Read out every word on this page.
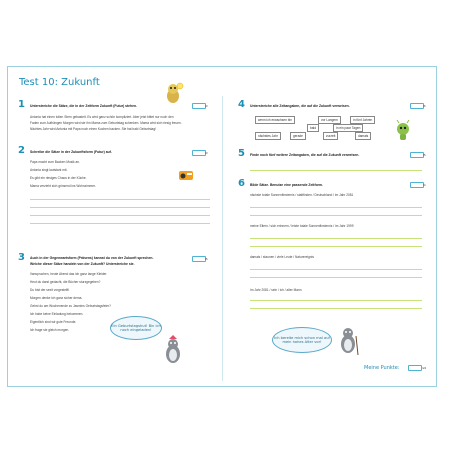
Test 10: Zukunft
1 Unterstreiche die Sätze, die in der Zeitform Zukunft (Futur) stehen.	/3
Antonia hat einen tollen Stern gebastelt. Es wird ganz schön kompliziert. Aber jetzt bittet nur noch den
Faden zum Aufhängen Morgen wird sie ihn Mama zum Geburtstag schenken. Mama wird sich riesig freuen.
Nächtes Jahr wird Antonia mit Papa noch einen Kuchen backen. Sie hat bald Geburtstag!
2 Schreibe die Sätze in der Zukunftsform (Futur) auf.	/3
Papa macht zum Backen Musik an.
Antonia singt lautstark mit.
Es gibt ein riesiges Chaos in der Küche.
Mama verzieht sich grinsend ins Wohnzimmer.
3 Auch in der Gegenwartsform (Präsens) kannst du von der Zukunft sprechen.
Welche dieser Sätze handeln von der Zukunft? Unterstreiche sie.
/5
Vanspruchen, heute Abend das ich ganz lange Kleider.
Heut du darst gedacht, die Bücher sturzgegeben?
Du bist der sexit vorgestellt!
Morgen denke ich ganz sicher dema.
Gehst du am Wochenende zu Jasmins Geburtstagsfeier?
Ich habe keine Einladung bekommen.
Eigentlich sind wir gute Freunde.
Ich frage sie gleich morgen.
Ein Geburtstagshut! Bin ich noch eingeladen!
4 Unterstreiche alle Zeitangaben, die auf die Zukunft verweisen.	/6
wenn ich erwachsen bin	vor Langem	in fünf Jahren
bald	in ein paar Tagen
nächstes Jahr	gerade	zurzeit	damals
5 Finde noch fünf weitere Zeitangaben, die auf die Zukunft verweisen.	/5
6 Bilde Sätze. Benutze eine passende Zeitform.	/4
nächste totale Sonnenfinsternis / stattfinden / Deutschland / im Jahr 2081
meine Eltern / sich erinnern / letzte totale Sonnenfinsternis / im Jahr 1999
damals / staunen / viele Leute / Naturereignis
Im Jahr 2081 / sein / ich / alter Mann
Ich bereite mich schon mal auf mein hohes Alter vor!
Meine Punkte:	/24
